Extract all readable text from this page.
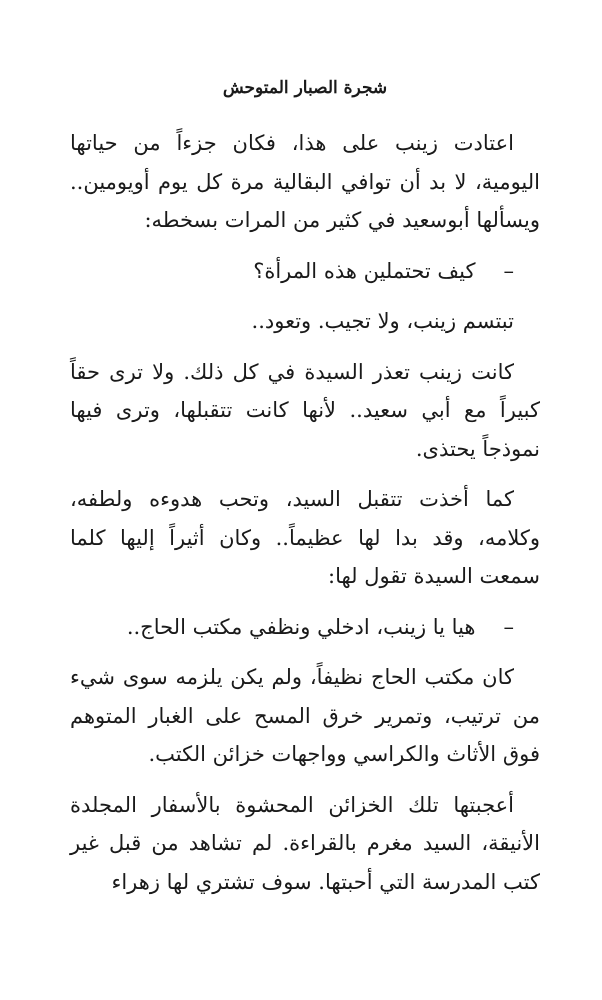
شجرة الصبار المتوحش

اعتادت زينب على هذا، فكان جزءاً من حياتها اليومية، لا بد أن توافي البقالية مرة كل يوم أويومين.. ويسألها أبوسعيد في كثير من المرات بسخطه:

–
كيف تحتملين هذه المرأة؟

تبتسم زينب، ولا تجيب. وتعود..

كانت زينب تعذر السيدة في كل ذلك. ولا ترى حقاً كبيراً مع أبي سعيد.. لأنها كانت تتقبلها، وترى فيها نموذجاً يحتذى.

كما أخذت تتقبل السيد، وتحب هدوءه ولطفه، وكلامه، وقد بدا لها عظيماً.. وكان أثيراً إليها كلما سمعت السيدة تقول لها:

–
هيا يا زينب، ادخلي ونظفي مكتب الحاج..

كان مكتب الحاج نظيفاً، ولم يكن يلزمه سوى شيء من ترتيب، وتمرير خرق المسح على الغبار المتوهم فوق الأثاث والكراسي وواجهات خزائن الكتب.

أعجبتها تلك الخزائن المحشوة بالأسفار المجلدة الأنيقة، السيد مغرم بالقراءة. لم تشاهد من قبل غير كتب المدرسة التي أحبتها. سوف تشتري لها زهراء
